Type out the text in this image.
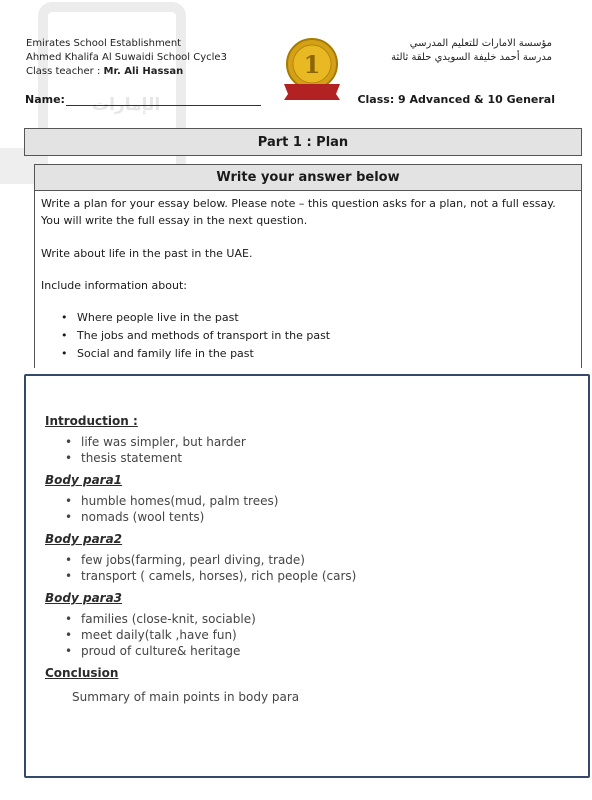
الإمارات
Emirates School Establishment
Ahmed Khalifa Al Suwaidi School Cycle3
Class teacher : Mr. Ali Hassan	1
مؤسسة الامارات للتعليم المدرسي
مدرسة أحمد خليفة السويدي حلقة ثالثة
Name:	Class: 9 Advanced & 10 General
Part 1 : Plan
Write your answer below

Write a plan for your essay below. Please note – this question asks for a plan, not a full essay. You will write the full essay in the next question.

Write about life in the past in the UAE.

Include information about:

• Where people live in the past
• The jobs and methods of transport in the past
• Social and family life in the past
Introduction :
• life was simpler, but harder
• thesis statement
Body para1
• humble homes(mud, palm trees)
• nomads (wool tents)
Body para2
• few jobs(farming, pearl diving, trade)
• transport ( camels, horses), rich people (cars)
Body para3
• families (close-knit, sociable)
• meet daily(talk ,have fun)
• proud of culture& heritage
Conclusion
Summary of main points in body para
